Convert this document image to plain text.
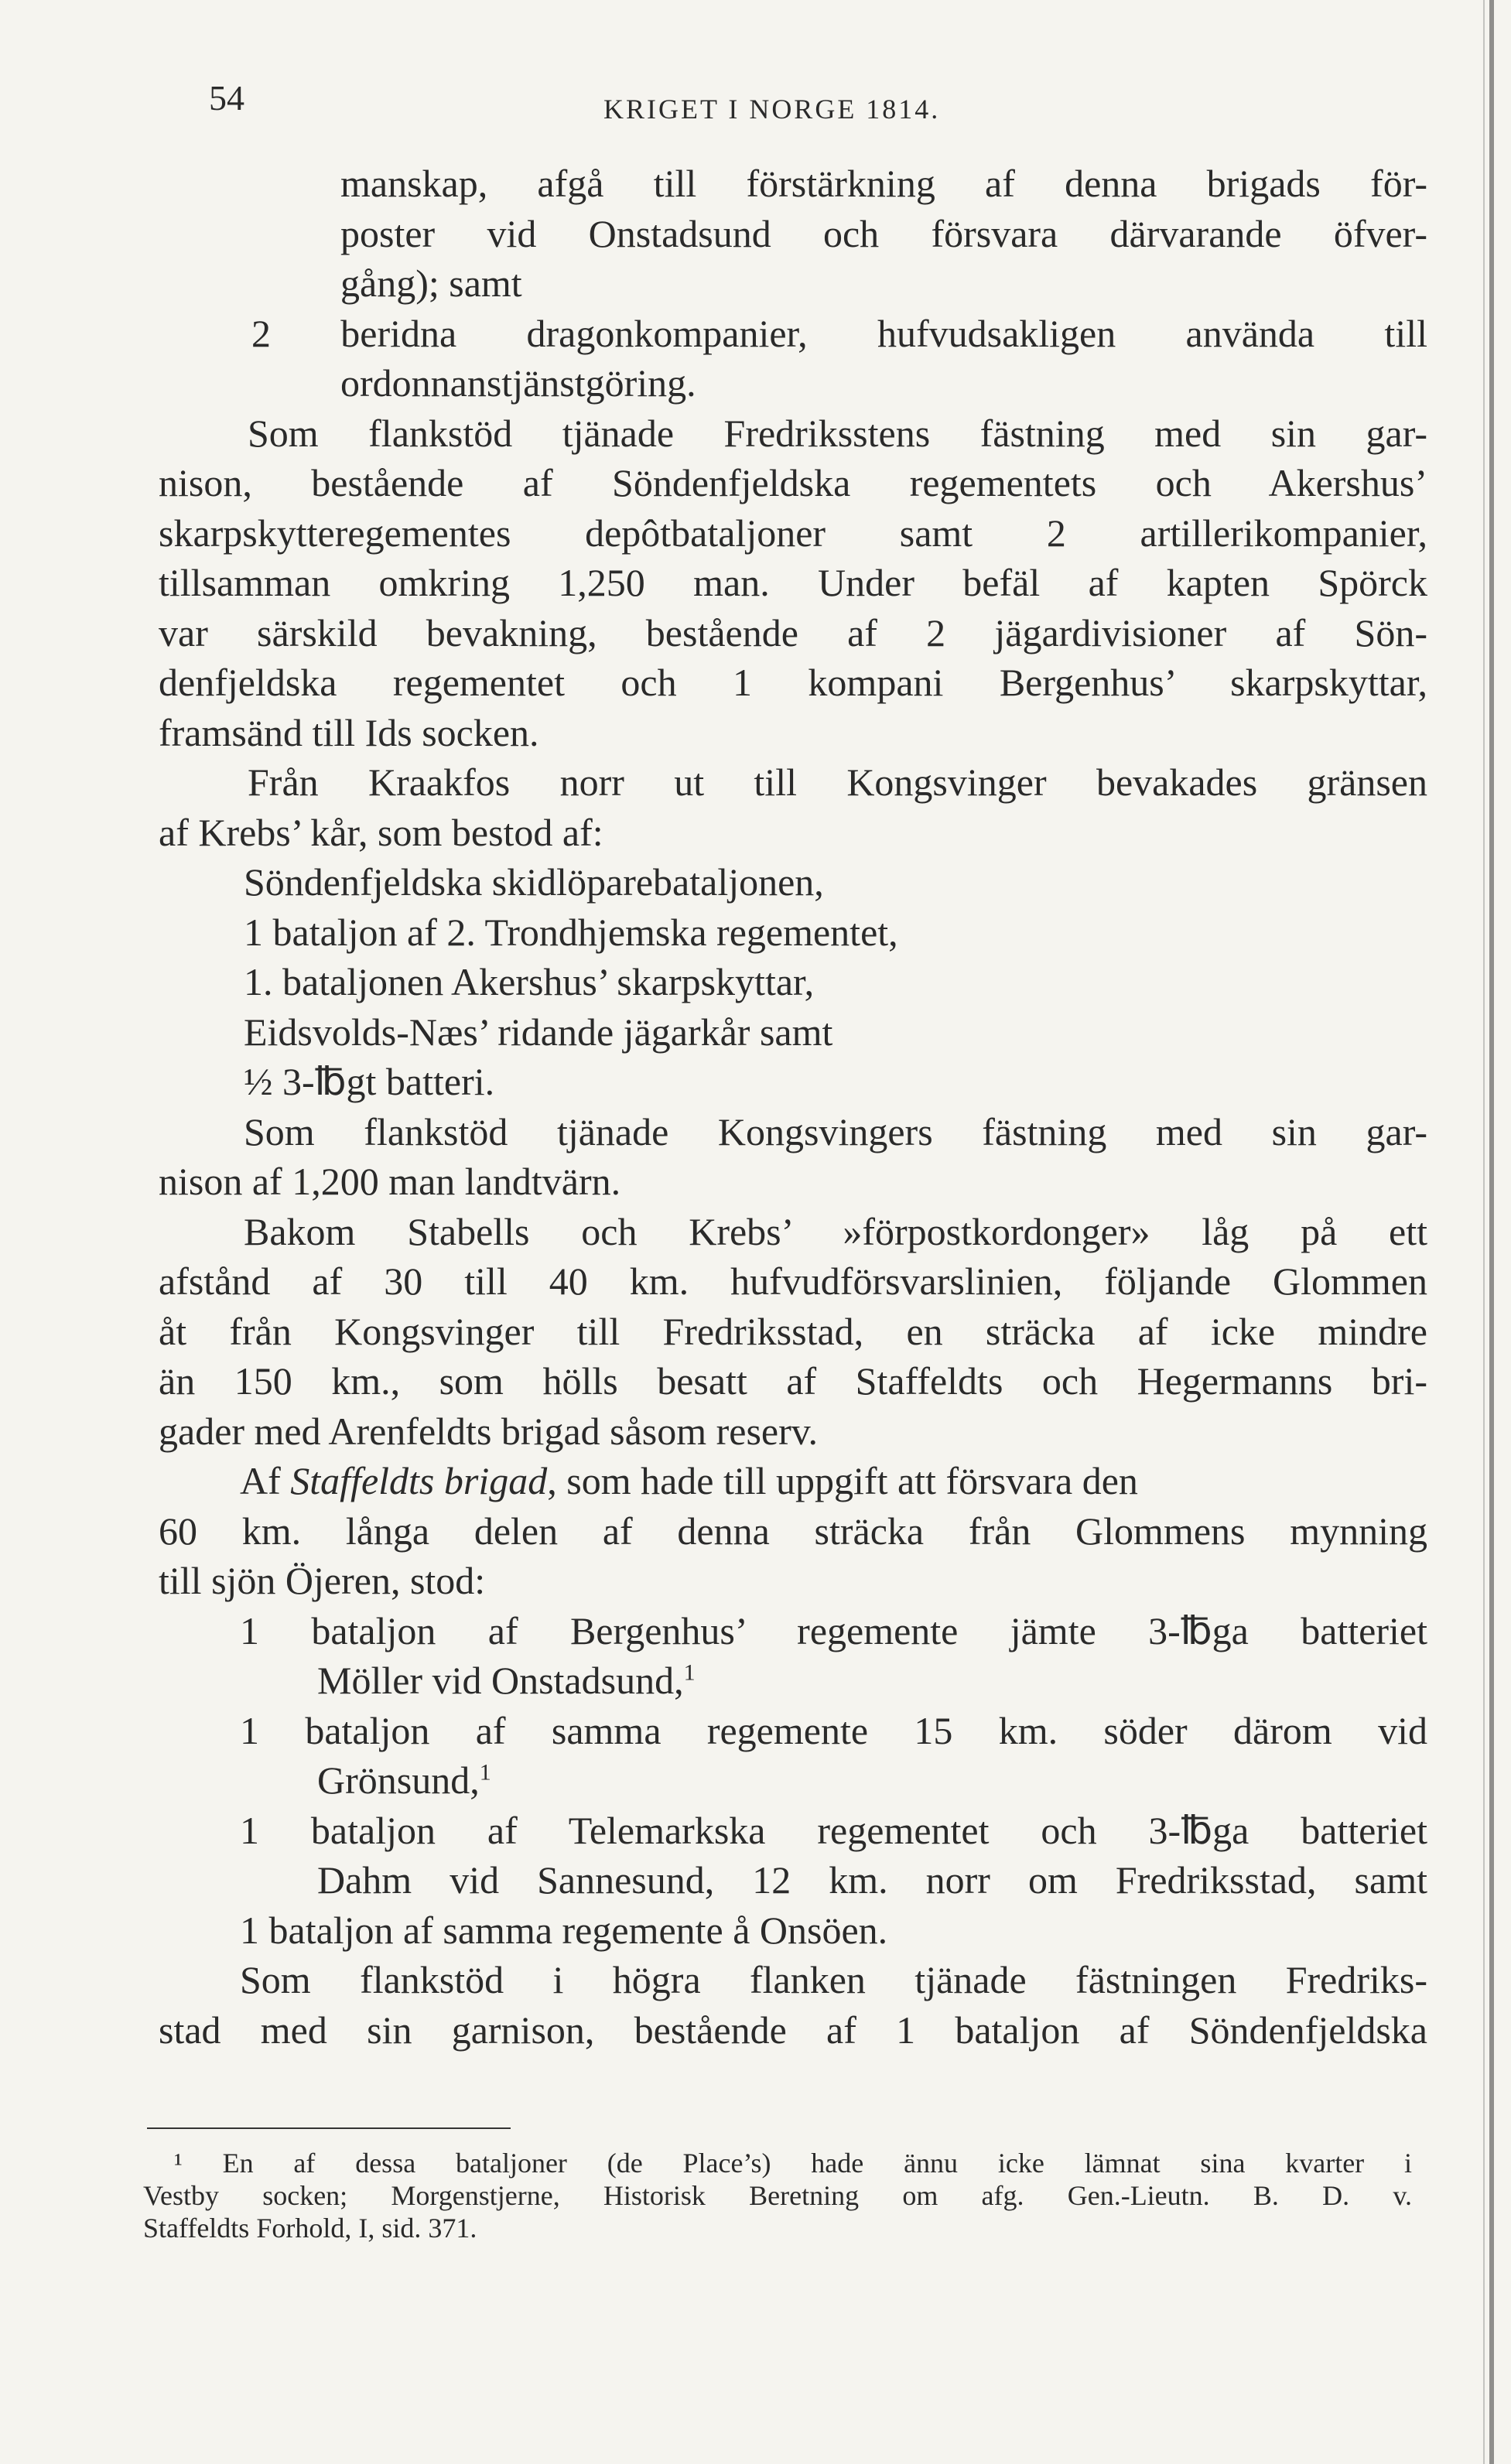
54	KRIGET I NORGE 1814.
manskap, afgå till förstärkning af denna brigads för-
poster vid Onstadsund och försvara därvarande öfver-
gång); samt
2 beridna dragonkompanier, hufvudsakligen använda till
ordonnanstjänstgöring.
Som flankstöd tjänade Fredriksstens fästning med sin gar-
nison, bestående af Söndenfjeldska regementets och Akershus’
skarpskytteregementes depôtbataljoner samt 2 artillerikompanier,
tillsamman omkring 1,250 man. Under befäl af kapten Spörck
var särskild bevakning, bestående af 2 jägardivisioner af Sön-
denfjeldska regementet och 1 kompani Bergenhus’ skarpskyttar,
framsänd till Ids socken.
Från Kraakfos norr ut till Kongsvinger bevakades gränsen
af Krebs’ kår, som bestod af:
Söndenfjeldska skidlöparebataljonen,
1 bataljon af 2. Trondhjemska regementet,
1. bataljonen Akershus’ skarpskyttar,
Eidsvolds-Næs’ ridande jägarkår samt
½ 3-℔gt batteri.
Som flankstöd tjänade Kongsvingers fästning med sin gar-
nison af 1,200 man landtvärn.
Bakom Stabells och Krebs’ »förpostkordonger» låg på ett
afstånd af 30 till 40 km. hufvudförsvarslinien, följande Glommen
åt från Kongsvinger till Fredriksstad, en sträcka af icke mindre
än 150 km., som hölls besatt af Staffeldts och Hegermanns bri-
gader med Arenfeldts brigad såsom reserv.
Af Staffeldts brigad, som hade till uppgift att försvara den
60 km. långa delen af denna sträcka från Glommens mynning
till sjön Öjeren, stod:
1 bataljon af Bergenhus’ regemente jämte 3-℔ga batteriet
Möller vid Onstadsund,$^1$
1 bataljon af samma regemente 15 km. söder därom vid
Grönsund,$^1$
1 bataljon af Telemarkska regementet och 3-℔ga batteriet
Dahm vid Sannesund, 12 km. norr om Fredriksstad, samt
1 bataljon af samma regemente å Onsöen.
Som flankstöd i högra flanken tjänade fästningen Fredriks-
stad med sin garnison, bestående af 1 bataljon af Söndenfjeldska
¹ En af dessa bataljoner (de Place’s) hade ännu icke lämnat sina kvarter i
Vestby socken; Morgenstjerne, Historisk Beretning om afg. Gen.-Lieutn. B. D. v.
Staffeldts Forhold, I, sid. 371.
